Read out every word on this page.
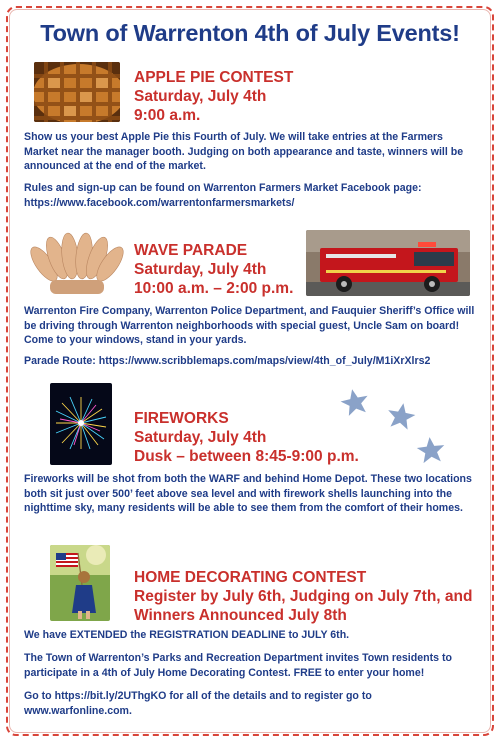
Town of Warrenton 4th of July Events!
APPLE PIE CONTEST
Saturday, July 4th
9:00 a.m.

Show us your best Apple Pie this Fourth of July. We will take entries at the Farmers Market near the manager booth. Judging on both appearance and taste, winners will be announced at the end of the market.

Rules and sign-up can be found on Warrenton Farmers Market Facebook page: https://www.facebook.com/warrentonfarmersmarkets/

WAVE PARADE
Saturday, July 4th
10:00 a.m. – 2:00 p.m.

Warrenton Fire Company, Warrenton Police Department, and Fauquier Sheriff’s Office will be driving through Warrenton neighborhoods with special guest, Uncle Sam on board! Come to your windows, stand in your yards.

Parade Route: https://www.scribblemaps.com/maps/view/4th_of_July/M1iXrXlrs2

FIREWORKS
Saturday, July 4th
Dusk – between 8:45-9:00 p.m.

Fireworks will be shot from both the WARF and behind Home Depot. These two locations both sit just over 500’ feet above sea level and with firework shells launching into the nighttime sky, many residents will be able to see them from the comfort of their homes.

HOME DECORATING CONTEST
Register by July 6th, Judging on July 7th, and
Winners Announced July 8th

We have EXTENDED the REGISTRATION DEADLINE to JULY 6th.

The Town of Warrenton’s Parks and Recreation Department invites Town residents to participate in a 4th of July Home Decorating Contest. FREE to enter your home!

Go to https://bit.ly/2UThgKO for all of the details and to register go to www.warfonline.com.
